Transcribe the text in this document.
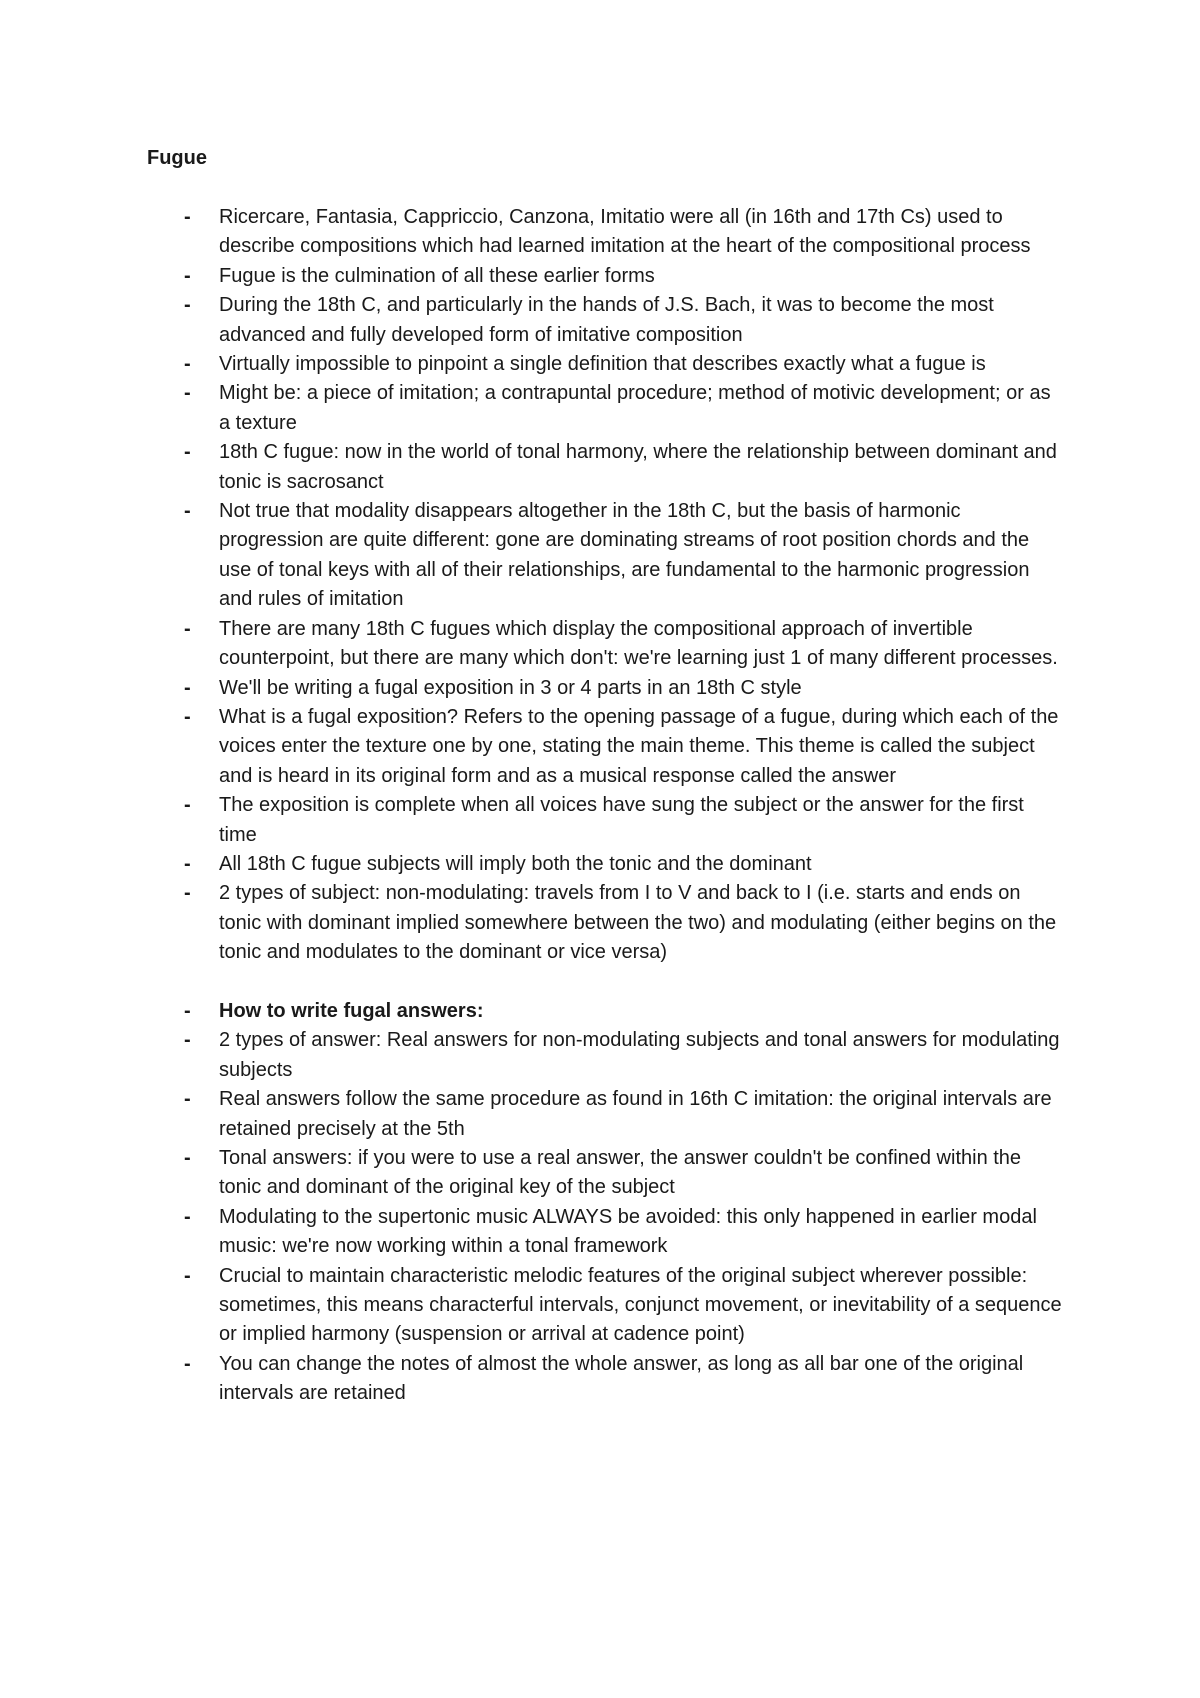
Fugue
- Ricercare, Fantasia, Cappriccio, Canzona, Imitatio were all (in 16th and 17th Cs) used to describe compositions which had learned imitation at the heart of the compositional process
- Fugue is the culmination of all these earlier forms
- During the 18th C, and particularly in the hands of J.S. Bach, it was to become the most advanced and fully developed form of imitative composition
- Virtually impossible to pinpoint a single definition that describes exactly what a fugue is
- Might be: a piece of imitation; a contrapuntal procedure; method of motivic development; or as a texture
- 18th C fugue: now in the world of tonal harmony, where the relationship between dominant and tonic is sacrosanct
- Not true that modality disappears altogether in the 18th C, but the basis of harmonic progression are quite different: gone are dominating streams of root position chords and the use of tonal keys with all of their relationships, are fundamental to the harmonic progression and rules of imitation
- There are many 18th C fugues which display the compositional approach of invertible counterpoint, but there are many which don't: we're learning just 1 of many different processes.
- We'll be writing a fugal exposition in 3 or 4 parts in an 18th C style
- What is a fugal exposition? Refers to the opening passage of a fugue, during which each of the voices enter the texture one by one, stating the main theme. This theme is called the subject and is heard in its original form and as a musical response called the answer
- The exposition is complete when all voices have sung the subject or the answer for the first time
- All 18th C fugue subjects will imply both the tonic and the dominant
- 2 types of subject: non-modulating: travels from I to V and back to I (i.e. starts and ends on tonic with dominant implied somewhere between the two) and modulating (either begins on the tonic and modulates to the dominant or vice versa)
- How to write fugal answers:
- 2 types of answer: Real answers for non-modulating subjects and tonal answers for modulating subjects
- Real answers follow the same procedure as found in 16th C imitation: the original intervals are retained precisely at the 5th
- Tonal answers: if you were to use a real answer, the answer couldn't be confined within the tonic and dominant of the original key of the subject
- Modulating to the supertonic music ALWAYS be avoided: this only happened in earlier modal music: we're now working within a tonal framework
- Crucial to maintain characteristic melodic features of the original subject wherever possible: sometimes, this means characterful intervals, conjunct movement, or inevitability of a sequence or implied harmony (suspension or arrival at cadence point)
- You can change the notes of almost the whole answer, as long as all bar one of the original intervals are retained
